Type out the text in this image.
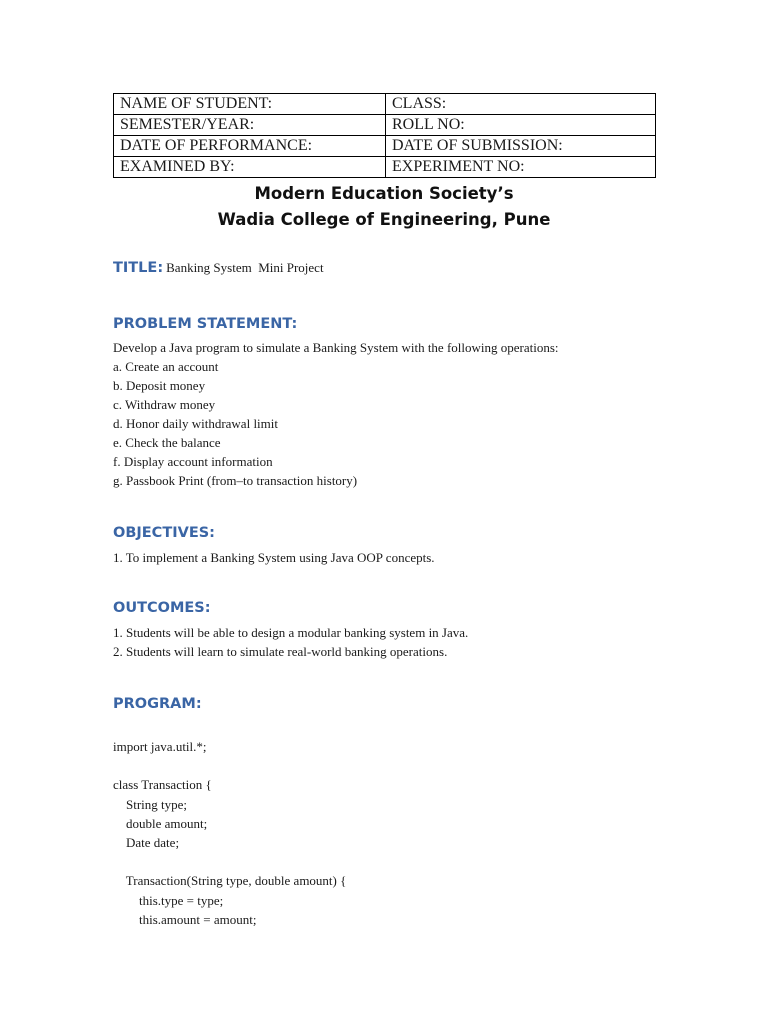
NAME OF STUDENT:	CLASS:
SEMESTER/YEAR:	ROLL NO:
DATE OF PERFORMANCE:	DATE OF SUBMISSION:
EXAMINED BY:	EXPERIMENT NO:
Modern Education Society’s
Wadia College of Engineering, Pune
TITLE: Banking System  Mini Project
PROBLEM STATEMENT:
Develop a Java program to simulate a Banking System with the following operations:
a. Create an account
b. Deposit money
c. Withdraw money
d. Honor daily withdrawal limit
e. Check the balance
f. Display account information
g. Passbook Print (from–to transaction history)
OBJECTIVES:
1. To implement a Banking System using Java OOP concepts.
OUTCOMES:
1. Students will be able to design a modular banking system in Java.
2. Students will learn to simulate real-world banking operations.
PROGRAM:
import java.util.*;
class Transaction {
String type;
double amount;
Date date;
Transaction(String type, double amount) {
this.type = type;
this.amount = amount;
